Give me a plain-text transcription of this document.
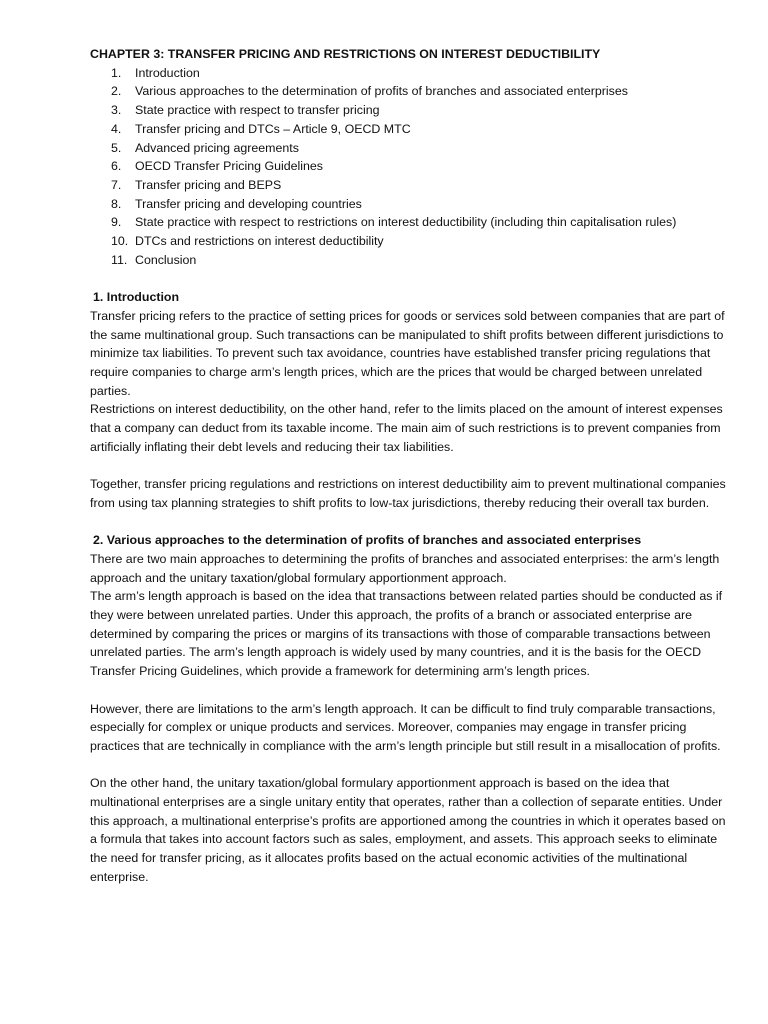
CHAPTER 3: TRANSFER PRICING AND RESTRICTIONS ON INTEREST DEDUCTIBILITY

1.	Introduction
2.	Various approaches to the determination of profits of branches and associated enterprises
3.	State practice with respect to transfer pricing
4.	Transfer pricing and DTCs – Article 9, OECD MTC
5.	Advanced pricing agreements
6.	OECD Transfer Pricing Guidelines
7.	Transfer pricing and BEPS
8.	Transfer pricing and developing countries
9.	State practice with respect to restrictions on interest deductibility (including thin capitalisation rules)
10. DTCs and restrictions on interest deductibility
11. Conclusion

1. Introduction

Transfer pricing refers to the practice of setting prices for goods or services sold between companies that are part of the same multinational group. Such transactions can be manipulated to shift profits between different jurisdictions to minimize tax liabilities. To prevent such tax avoidance, countries have established transfer pricing regulations that require companies to charge arm’s length prices, which are the prices that would be charged between unrelated parties.

Restrictions on interest deductibility, on the other hand, refer to the limits placed on the amount of interest expenses that a company can deduct from its taxable income. The main aim of such restrictions is to prevent companies from artificially inflating their debt levels and reducing their tax liabilities.

Together, transfer pricing regulations and restrictions on interest deductibility aim to prevent multinational companies from using tax planning strategies to shift profits to low-tax jurisdictions, thereby reducing their overall tax burden.

2. Various approaches to the determination of profits of branches and associated enterprises

There are two main approaches to determining the profits of branches and associated enterprises: the arm’s length approach and the unitary taxation/global formulary apportionment approach.

The arm’s length approach is based on the idea that transactions between related parties should be conducted as if they were between unrelated parties. Under this approach, the profits of a branch or associated enterprise are determined by comparing the prices or margins of its transactions with those of comparable transactions between unrelated parties. The arm’s length approach is widely used by many countries, and it is the basis for the OECD Transfer Pricing Guidelines, which provide a framework for determining arm’s length prices.

However, there are limitations to the arm’s length approach. It can be difficult to find truly comparable transactions, especially for complex or unique products and services. Moreover, companies may engage in transfer pricing practices that are technically in compliance with the arm’s length principle but still result in a misallocation of profits.

On the other hand, the unitary taxation/global formulary apportionment approach is based on the idea that multinational enterprises are a single unitary entity that operates, rather than a collection of separate entities. Under this approach, a multinational enterprise’s profits are apportioned among the countries in which it operates based on a formula that takes into account factors such as sales, employment, and assets. This approach seeks to eliminate the need for transfer pricing, as it allocates profits based on the actual economic activities of the multinational enterprise.
